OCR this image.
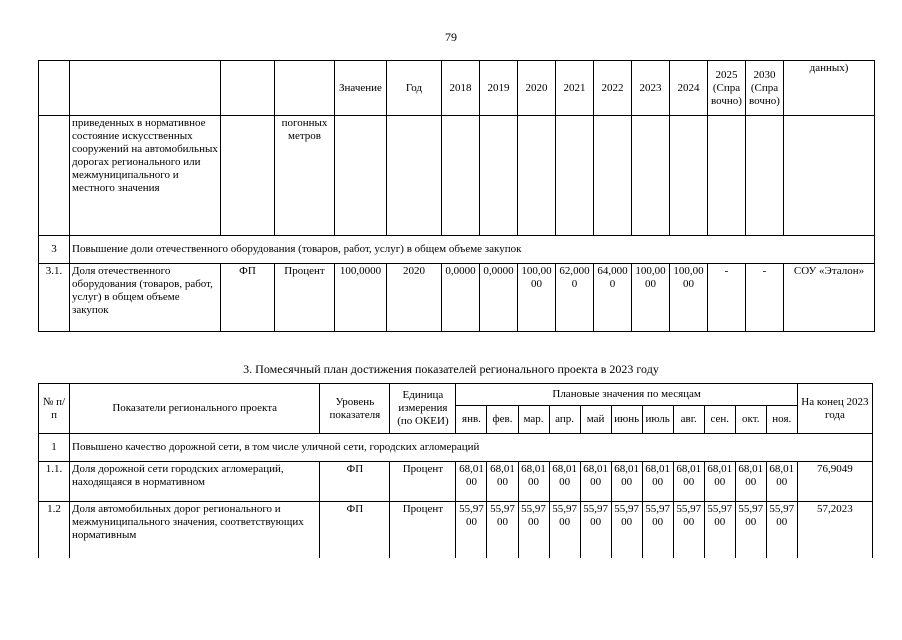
79
				Значение	Год	2018	2019	2020	2021	2022	2023	2024	2025 (Спра вочно)	2030 (Спра вочно)	данных)
	приведенных в нормативное состояние искусственных сооружений на автомобильных дорогах регионального или межмуниципального и местного значения		погонных метров												
3	Повышение доли отечественного оборудования (товаров, работ, услуг) в общем объеме закупок														
3.1.	Доля отечественного оборудования (товаров, работ, услуг) в общем объеме закупок	ФП	Процент	100,0000	2020	0,0000	0,0000	100,0000	62,0000	64,0000	100,0000	100,0000	-	-	СОУ «Эталон»
3. Помесячный план достижения показателей регионального проекта в 2023 году
№ п/п	Показатели регионального проекта	Уровень показателя	Единица измерения (по ОКЕИ)	Плановые значения по месяцам											На конец 2023 года
				янв.	фев.	мар.	апр.	май	июнь	июль	авг.	сен.	окт.	ноя.	
1	Повышено качество дорожной сети, в том числе уличной сети, городских агломераций														
1.1.	Доля дорожной сети городских агломераций, находящаяся в нормативном	ФП	Процент	68,0100	68,0100	68,0100	68,0100	68,0100	68,0100	68,0100	68,0100	68,0100	68,0100	68,0100	76,9049
1.2	Доля автомобильных дорог регионального и межмуниципального значения, соответствующих нормативным	ФП	Процент	55,9700	55,9700	55,9700	55,9700	55,9700	55,9700	55,9700	55,9700	55,9700	55,9700	55,9700	57,2023
